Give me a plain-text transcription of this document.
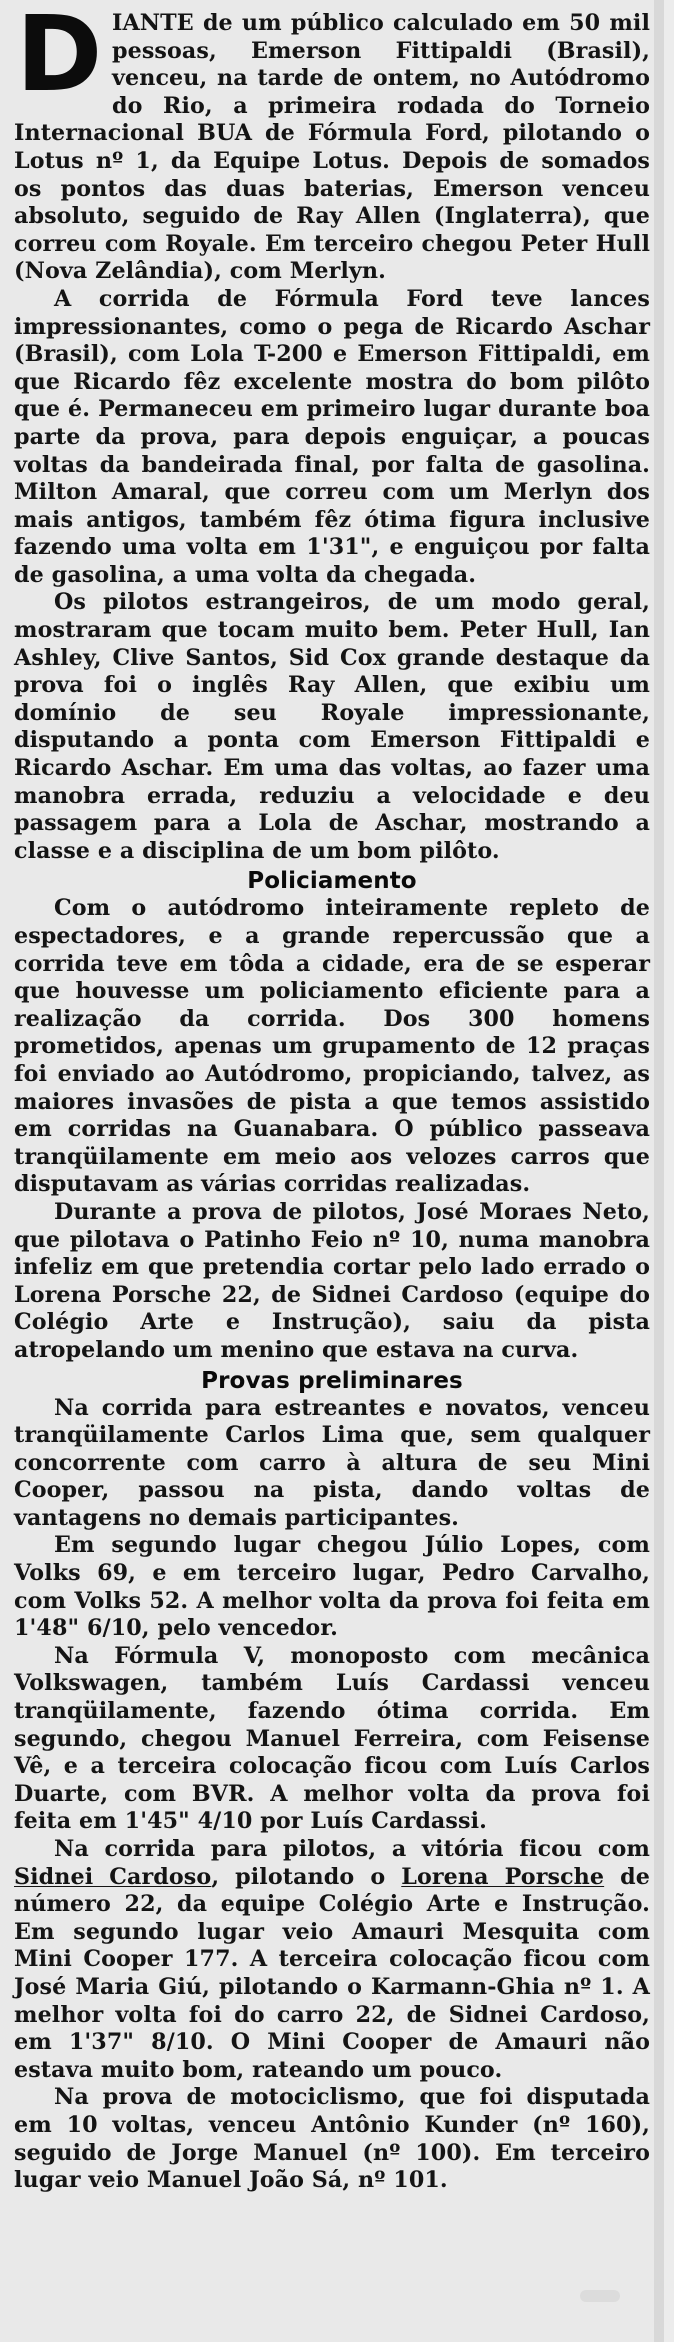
DIANTE de um público calculado em 50 mil pessoas, Emerson Fittipaldi (Brasil), venceu, na tarde de ontem, no Autódromo do Rio, a primeira rodada do Torneio Internacional BUA de Fórmula Ford, pilotando o Lotus nº 1, da Equipe Lotus. Depois de somados os pontos das duas baterias, Emerson venceu absoluto, seguido de Ray Allen (Inglaterra), que correu com Royale. Em terceiro chegou Peter Hull (Nova Zelândia), com Merlyn.

A corrida de Fórmula Ford teve lances impressionantes, como o pega de Ricardo Aschar (Brasil), com Lola T-200 e Emerson Fittipaldi, em que Ricardo fêz excelente mostra do bom pilôto que é. Permaneceu em primeiro lugar durante boa parte da prova, para depois enguiçar, a poucas voltas da bandeirada final, por falta de gasolina. Milton Amaral, que correu com um Merlyn dos mais antigos, também fêz ótima figura inclusive fazendo uma volta em 1'31", e enguiçou por falta de gasolina, a uma volta da chegada.

Os pilotos estrangeiros, de um modo geral, mostraram que tocam muito bem. Peter Hull, Ian Ashley, Clive Santos, Sid Cox grande destaque da prova foi o inglês Ray Allen, que exibiu um domínio de seu Royale impressionante, disputando a ponta com Emerson Fittipaldi e Ricardo Aschar. Em uma das voltas, ao fazer uma manobra errada, reduziu a velocidade e deu passagem para a Lola de Aschar, mostrando a classe e a disciplina de um bom pilôto.

Policiamento

Com o autódromo inteiramente repleto de espectadores, e a grande repercussão que a corrida teve em tôda a cidade, era de se esperar que houvesse um policiamento eficiente para a realização da corrida. Dos 300 homens prometidos, apenas um grupamento de 12 praças foi enviado ao Autódromo, propiciando, talvez, as maiores invasões de pista a que temos assistido em corridas na Guanabara. O público passeava tranqüilamente em meio aos velozes carros que disputavam as várias corridas realizadas.

Durante a prova de pilotos, José Moraes Neto, que pilotava o Patinho Feio nº 10, numa manobra infeliz em que pretendia cortar pelo lado errado o Lorena Porsche 22, de Sidnei Cardoso (equipe do Colégio Arte e Instrução), saiu da pista atropelando um menino que estava na curva.

Provas preliminares

Na corrida para estreantes e novatos, venceu tranqüilamente Carlos Lima que, sem qualquer concorrente com carro à altura de seu Mini Cooper, passou na pista, dando voltas de vantagens no demais participantes.

Em segundo lugar chegou Júlio Lopes, com Volks 69, e em terceiro lugar, Pedro Carvalho, com Volks 52. A melhor volta da prova foi feita em 1'48" 6/10, pelo vencedor.

Na Fórmula V, monoposto com mecânica Volkswagen, também Luís Cardassi venceu tranqüilamente, fazendo ótima corrida. Em segundo, chegou Manuel Ferreira, com Feisense Vê, e a terceira colocação ficou com Luís Carlos Duarte, com BVR. A melhor volta da prova foi feita em 1'45" 4/10 por Luís Cardassi.

Na corrida para pilotos, a vitória ficou com Sidnei Cardoso, pilotando o Lorena Porsche de número 22, da equipe Colégio Arte e Instrução. Em segundo lugar veio Amauri Mesquita com Mini Cooper 177. A terceira colocação ficou com José Maria Giú, pilotando o Karmann-Ghia nº 1. A melhor volta foi do carro 22, de Sidnei Cardoso, em 1'37" 8/10. O Mini Cooper de Amauri não estava muito bom, rateando um pouco.

Na prova de motociclismo, que foi disputada em 10 voltas, venceu Antônio Kunder (nº 160), seguido de Jorge Manuel (nº 100). Em terceiro lugar veio Manuel João Sá, nº 101.
